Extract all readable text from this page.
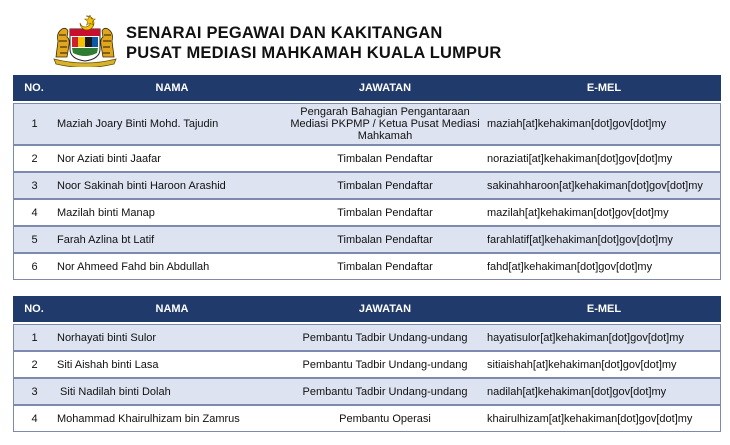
SENARAI PEGAWAI DAN KAKITANGAN
PUSAT MEDIASI MAHKAMAH KUALA LUMPUR
NO.	NAMA	JAWATAN	E-MEL
1	Maziah Joary Binti Mohd. Tajudin	Pengarah Bahagian Pengantaraan Mediasi PKPMP / Ketua Pusat Mediasi Mahkamah	maziah[at]kehakiman[dot]gov[dot]my
2	Nor Aziati binti Jaafar	Timbalan Pendaftar	noraziati[at]kehakiman[dot]gov[dot]my
3	Noor Sakinah binti Haroon Arashid	Timbalan Pendaftar	sakinahharoon[at]kehakiman[dot]gov[dot]my
4	Mazilah binti Manap	Timbalan Pendaftar	mazilah[at]kehakiman[dot]gov[dot]my
5	Farah Azlina bt Latif	Timbalan Pendaftar	farahlatif[at]kehakiman[dot]gov[dot]my
6	Nor Ahmeed Fahd bin Abdullah	Timbalan Pendaftar	fahd[at]kehakiman[dot]gov[dot]my
NO.	NAMA	JAWATAN	E-MEL
1	Norhayati binti Sulor	Pembantu Tadbir Undang-undang	hayatisulor[at]kehakiman[dot]gov[dot]my
2	Siti Aishah binti Lasa	Pembantu Tadbir Undang-undang	sitiaishah[at]kehakiman[dot]gov[dot]my
3	Siti Nadilah binti Dolah	Pembantu Tadbir Undang-undang	nadilah[at]kehakiman[dot]gov[dot]my
4	Mohammad Khairulhizam bin Zamrus	Pembantu Operasi	khairulhizam[at]kehakiman[dot]gov[dot]my
